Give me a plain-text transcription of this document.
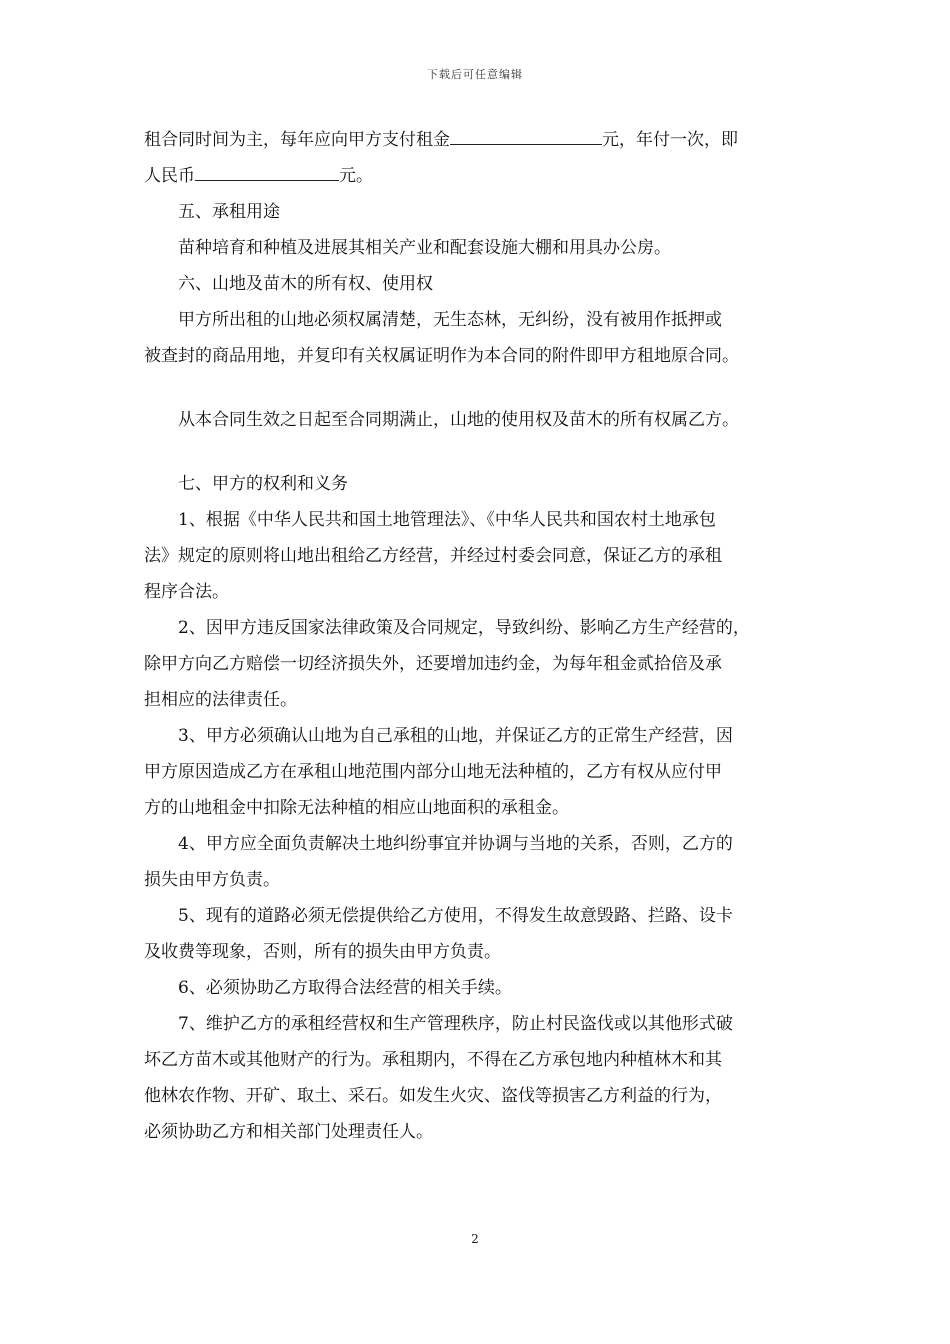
下载后可任意编辑

租合同时间为主，每年应向甲方支付租金	元，年付一次，即

人民币	元。

五、承租用途

苗种培育和种植及进展其相关产业和配套设施大棚和用具办公房。

六、山地及苗木的所有权、使用权

甲方所出租的山地必须权属清楚，无生态林，无纠纷，没有被用作抵押或

被查封的商品用地，并复印有关权属证明作为本合同的附件即甲方租地原合同。

从本合同生效之日起至合同期满止，山地的使用权及苗木的所有权属乙方。

七、甲方的权利和义务

1、根据《中华人民共和国土地管理法》、《中华人民共和国农村土地承包

法》规定的原则将山地出租给乙方经营，并经过村委会同意，保证乙方的承租

程序合法。

2、因甲方违反国家法律政策及合同规定，导致纠纷、影响乙方生产经营的，

除甲方向乙方赔偿一切经济损失外，还要增加违约金，为每年租金贰拾倍及承

担相应的法律责任。

3、甲方必须确认山地为自己承租的山地，并保证乙方的正常生产经营，因

甲方原因造成乙方在承租山地范围内部分山地无法种植的，乙方有权从应付甲

方的山地租金中扣除无法种植的相应山地面积的承租金。

4、甲方应全面负责解决土地纠纷事宜并协调与当地的关系，否则，乙方的

损失由甲方负责。

5、现有的道路必须无偿提供给乙方使用，不得发生故意毁路、拦路、设卡

及收费等现象，否则，所有的损失由甲方负责。

6、必须协助乙方取得合法经营的相关手续。

7、维护乙方的承租经营权和生产管理秩序，防止村民盗伐或以其他形式破

坏乙方苗木或其他财产的行为。承租期内，不得在乙方承包地内种植林木和其

他林农作物、开矿、取土、采石。如发生火灾、盗伐等损害乙方利益的行为，

必须协助乙方和相关部门处理责任人。

2
